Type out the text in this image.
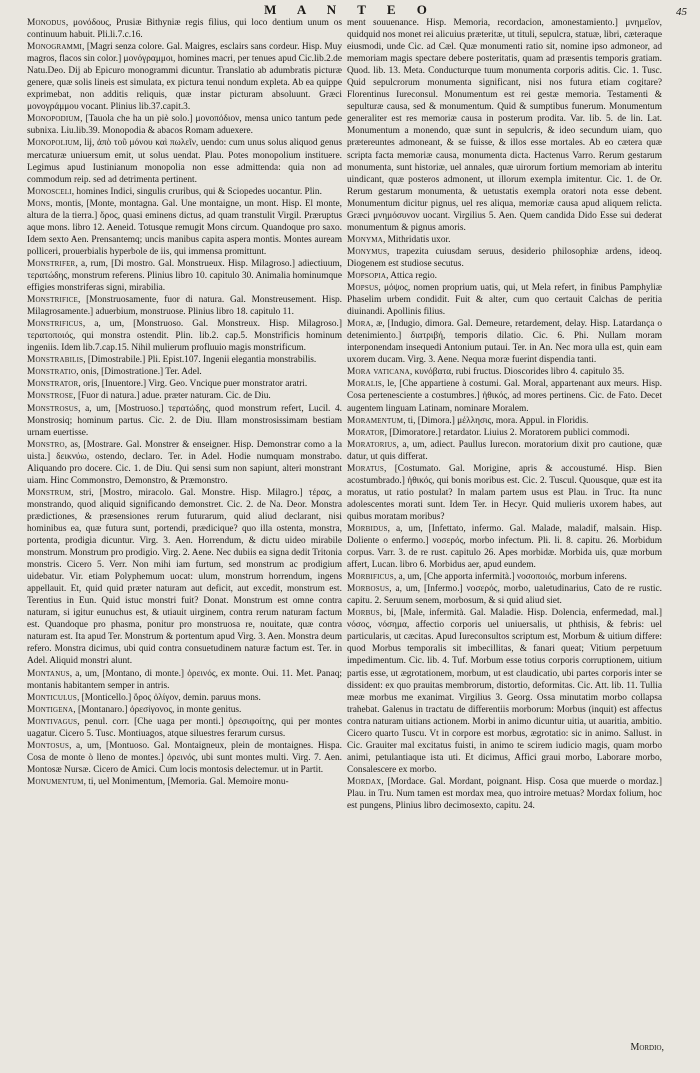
M A N T E O	45

Monodus, μονόδους, Prusiæ Bithyniæ regis filius, qui loco dentium unum os continuum habuit. Pli.li.7.c.16.

Monogrammi, [Magri senza colore. Gal. Maigres, esclairs sans cordeur. Hisp. Muy magros, flacos sin color.] μονόγραμμοι, homines macri, per tenues apud Cic.lib.2.de Natu.Deo. Dij ab Epicuro monogrammi dicuntur. Translatio ab adumbratis picturæ genere, quæ solis lineis est simulata, ex pictura tenui nondum expleta. Ab ea quippe exprimebat, non additis reliquis, quæ instar picturam absoluunt. Græci μονογράμμου vocant. Plinius lib.37.capit.3.

Monopodium, [Tauola che ha un piè solo.] μονοπόδιον, mensa unico tantum pede subnixa. Liu.lib.39. Monopodia & abacos Romam aduexere.

Monopolium, lij, ἀπὸ τοῦ μόνου καὶ πωλεῖν, uendo: cum unus solus aliquod genus mercaturæ uniuersum emit, ut solus uendat. Plau. Potes monopolium instituere. Legimus apud Iustinianum monopolia non esse admittenda: quia non ad commodum reip. sed ad detrimenta pertinent.

Monosceli, homines Indici, singulis cruribus, qui & Sciopedes uocantur. Plin.

Mons, montis, [Monte, montagna. Gal. Une montaigne, un mont. Hisp. El monte, altura de la tierra.] ὄρος, quasi eminens dictus, ad quam transtulit Virgil. Præruptus aque mons. libro 12. Aeneid. Totusque remugit Mons circum. Quandoque pro saxo. Idem sexto Aen. Prensantemq; uncis manibus capita aspera montis. Montes auream polliceri, prouerbialis hyperbole de iis, qui immensa promittunt.

Monstrifer, a, rum, [Di mostro. Gal. Monstrueux. Hisp. Milagroso.] adiectiuum, τερατώδης, monstrum referens. Plinius libro 10. capitulo 30. Animalia hominumque effigies monstriferas signi, mirabilia.

Monstrifice, [Monstruosamente, fuor di natura. Gal. Monstreusement. Hisp. Milagrosamente.] aduerbium, monstruose. Plinius libro 18. capitulo 11.

Monstrificus, a, um, [Monstruoso. Gal. Monstreux. Hisp. Milagroso.] τερατοποιός, qui monstra ostendit. Plin. lib.2. cap.5. Monstrificis hominum ingeniis. Idem lib.7.cap.15. Nihil mulierum profluuio magis monstrificum.

Monstrabilis, [Dimostrabile.] Pli. Epist.107. Ingenii elegantia monstrabilis.

Monstratio, onis, [Dimostratione.] Ter. Adel.

Monstrator, oris, [Inuentore.] Virg. Geo. Vncique puer monstrator aratri.

Monstrose, [Fuor di natura.] adue. præter naturam. Cic. de Diu.

Monstrosus, a, um, [Mostruoso.] τερατώδης, quod monstrum refert, Lucil. 4. Monstrosiq; hominum partus. Cic. 2. de Diu. Illam monstrosissimam bestiam urnam euertisse.

Monstro, as, [Mostrare. Gal. Monstrer & enseigner. Hisp. Demonstrar como a la uista.] δεικνύω, ostendo, declaro. Ter. in Adel. Hodie numquam monstrabo. Aliquando pro docere. Cic. 1. de Diu. Qui sensi sum non sapiunt, alteri monstrant uiam. Hinc Commonstro, Demonstro, & Præmonstro.

Monstrum, stri, [Mostro, miracolo. Gal. Monstre. Hisp. Milagro.] τέρας, a monstrando, quod aliquid significando demonstret. Cic. 2. de Na. Deor. Monstra prædictiones, & præsensiones rerum futurarum, quid aliud declarant, nisi hominibus ea, quæ futura sunt, portendi, prædicique? quo illa ostenta, monstra, portenta, prodigia dicuntur. Virg. 3. Aen. Horrendum, & dictu uideo mirabile monstrum. Monstrum pro prodigio. Virg. 2. Aene. Nec dubiis ea signa dedit Tritonia monstris. Cicero 5. Verr. Non mihi iam furtum, sed monstrum ac prodigium uidebatur. Vir. etiam Polyphemum uocat: ulum, monstrum horrendum, ingens appellauit. Et, quid quid præter naturam aut deficit, aut excedit, monstrum est. Terentius in Eun. Quid istuc monstri fuit? Donat. Monstrum est omne contra naturam, si igitur eunuchus est, & utiauit uirginem, contra rerum naturam factum est. Quandoque pro phasma, ponitur pro monstruosa re, nouitate, quæ contra naturam est. Ita apud Ter. Monstrum & portentum apud Virg. 3. Aen. Monstra deum refero. Monstra dicimus, ubi quid contra consuetudinem naturæ factum est. Ter. in Adel. Aliquid monstri alunt.

Montanus, a, um, [Montano, di monte.] ὀρεινός, ex monte. Oui. 11. Met. Panaq; montanis habitantem semper in antris.

Monticulus, [Monticello.] ὄρος ὀλίγον, demin. paruus mons.

Montigena, [Montanaro.] ὀρεσίγονος, in monte genitus.

Montivagus, penul. corr. [Che uaga per monti.] ὀρεσιφοίτης, qui per montes uagatur. Cicero 5. Tusc. Montiuagos, atque siluestres ferarum cursus.

Montosus, a, um, [Montuoso. Gal. Montaigneux, plein de montaignes. Hispa. Cosa de monte ò lleno de montes.] ὀρεινός, ubi sunt montes multi. Virg. 7. Aen. Montosæ Nursæ. Cicero de Amici. Cum locis montosis delectemur. ut in Partit.

Monumentum, ti, uel Monimentum, [Memoria. Gal. Memoire monu-

ment souuenance. Hisp. Memoria, recordacion, amonestamiento.] μνημεῖον, quidquid nos monet rei alicuius præteritæ, ut tituli, sepulcra, statuæ, libri, cæteraque eiusmodi, unde Cic. ad Cæl. Quæ monumenti ratio sit, nomine ipso admoneor, ad memoriam magis spectare debere posteritatis, quam ad præsentis temporis gratiam. Quod. lib. 13. Meta. Conducturque tuum monumenta corporis aditis. Cic. 1. Tusc. Quid sepulcrorum monumenta significant, nisi nos futura etiam cogitare? Florentinus Iureconsul. Monumentum est rei gestæ memoria. Testamenti & sepulturæ causa, sed & monumentum. Quid & sumptibus funerum. Monumentum generaliter est res memoriæ causa in posterum prodita. Var. lib. 5. de lin. Lat. Monumentum a monendo, quæ sunt in sepulcris, & ideo secundum uiam, quo prætereuntes admoneant, & se fuisse, & illos esse mortales. Ab eo cætera quæ scripta facta memoriæ causa, monumenta dicta. Hactenus Varro. Rerum gestarum monumenta, sunt historiæ, uel annales, quæ uirorum fortium memoriam ab interitu uindicant, quæ posteros admonent, ut illorum exempla imitentur. Cic. 1. de Or. Rerum gestarum monumenta, & uetustatis exempla oratori nota esse debent. Monumentum dicitur pignus, uel res aliqua, memoriæ causa apud aliquem relicta. Græci μνημόσυνον uocant. Virgilius 5. Aen. Quem candida Dido Esse sui dederat monumentum & pignus amoris.

Monyma, Mithridatis uxor.

Monymus, trapezita cuiusdam seruus, desiderio philosophiæ ardens, ideoq. Diogenem est studiose secutus.

Mopsopia, Attica regio.

Mopsus, μόψος, nomen proprium uatis, qui, ut Mela refert, in finibus Pamphyliæ Phaselim urbem condidit. Fuit & alter, cum quo certauit Calchas de peritia diuinandi. Apollinis filius.

Mora, æ, [Indugio, dimora. Gal. Demeure, retardement, delay. Hisp. Latardança o detenimiento.] διατριβή, temporis dilatio. Cic. 6. Phi. Nullam moram interponendam insequedi Antonium putaui. Ter. in An. Nec mora ulla est, quin eam uxorem ducam. Virg. 3. Aene. Nequa moræ fuerint dispendia tanti.

Mora vaticana, κυνόβατα, rubi fructus. Dioscorides libro 4. capitulo 35.

Moralis, le, [Che appartiene à costumi. Gal. Moral, appartenant aux meurs. Hisp. Cosa pertenesciente a costumbres.] ἠθικός, ad mores pertinens. Cic. de Fato. Decet augentem linguam Latinam, nominare Moralem.

Moramentum, ti, [Dimora.] μέλλησις, mora. Appul. in Floridis.

Morator, [Dimoratore.] retardator. Liuius 2. Moratorem publici commodi.

Moratorius, a, um, adiect. Paullus Iurecon. moratorium dixit pro cautione, quæ datur, ut quis differat.

Moratus, [Costumato. Gal. Morigine, apris & accoustumé. Hisp. Bien acostumbrado.] ἠθικός, qui bonis moribus est. Cic. 2. Tuscul. Quousque, quæ est ita moratus, ut ratio postulat? In malam partem usus est Plau. in Truc. Ita nunc adolescentes morati sunt. Idem Ter. in Hecyr. Quid mulieris uxorem habes, aut quibus moratam moribus?

Morbidus, a, um, [Infettato, infermo. Gal. Malade, maladif, malsain. Hisp. Doliente o enfermo.] νοσερός, morbo infectum. Pli. li. 8. capitu. 26. Morbidum corpus. Varr. 3. de re rust. capitulo 26. Apes morbidæ. Morbida uis, quæ morbum affert, Lucan. libro 6. Morbidus aer, apud eundem.

Morbificus, a, um, [Che apporta infermità.] νοσοποιός, morbum inferens.

Morbosus, a, um, [Infermo.] νοσερός, morbo, ualetudinarius, Cato de re rustic. capitu. 2. Seruum senem, morbosum, & si quid aliud siet.

Morbus, bi, [Male, infermità. Gal. Maladie. Hisp. Dolencia, enfermedad, mal.] νόσος, νόσημα, affectio corporis uel uniuersalis, ut phthisis, & febris: uel particularis, ut cæcitas. Apud Iureconsultos scriptum est, Morbum & uitium differe: quod Morbus temporalis sit imbecillitas, & fanari queat; Vitium perpetuum impedimentum. Cic. lib. 4. Tuf. Morbum esse totius corporis corruptionem, uitium partis esse, ut ægrotationem, morbum, ut est claudicatio, ubi partes corporis inter se dissident: ex quo prauitas membrorum, distortio, deformitas. Cic. Att. lib. 11. Tullia meæ morbus me exanimat. Virgilius 3. Georg. Ossa minutatim morbo collapsa trahebat. Galenus in tractatu de differentiis morborum: Morbus (inquit) est affectus contra naturam uitians actionem. Morbi in animo dicuntur uitia, ut auaritia, ambitio. Cicero quarto Tuscu. Vt in corpore est morbus, ægrotatio: sic in animo. Sallust. in Cic. Grauiter mal excitatus fuisti, in animo te scirem iudicio magis, quam morbo animi, petulantiaque ista uti. Et dicimus, Affici graui morbo, Laborare morbo, Consalescere ex morbo.

Mordax, [Mordace. Gal. Mordant, poignant. Hisp. Cosa que muerde o mordaz.] Plau. in Tru. Num tamen est mordax mea, quo introire metuas? Mordax folium, hoc est pungens, Plinius libro decimosexto, capitu. 24.

Mordio,
